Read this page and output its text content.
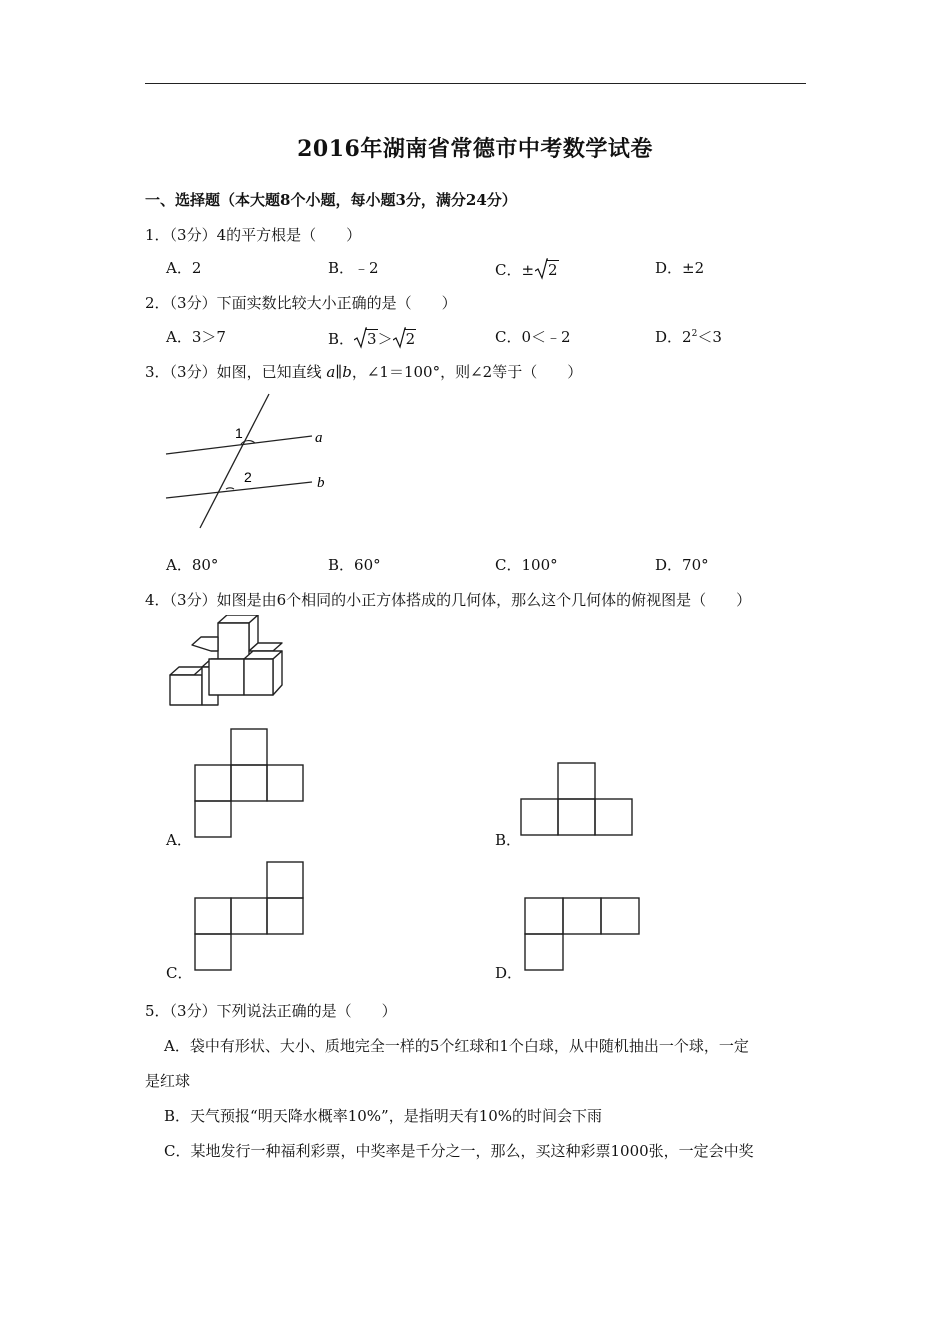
2016年湖南省常德市中考数学试卷
一、选择题（本大题8个小题，每小题3分，满分24分）
1．（3分）4的平方根是（　　）
A．2	B．﹣2	C．± 2	D．±2
2．（3分）下面实数比较大小正确的是（　　）
A．3＞7	B． 3＞ 2	C．0＜﹣2	D．$2^2<3$
3．（3分）如图，已知直线 a∥b，∠1＝100°，则∠2等于（　　）
1
2
a
b
A．80°	B．60°	C．100°	D．70°
4．（3分）如图是由6个相同的小正方体搭成的几何体，那么这个几何体的俯视图是（　　）
A．	B．
C．	D．
5．（3分）下列说法正确的是（　　）
A．袋中有形状、大小、质地完全一样的5个红球和1个白球，从中随机抽出一个球，一定
是红球
B．天气预报“明天降水概率10%”，是指明天有10%的时间会下雨
C．某地发行一种福利彩票，中奖率是千分之一，那么，买这种彩票1000张，一定会中奖
